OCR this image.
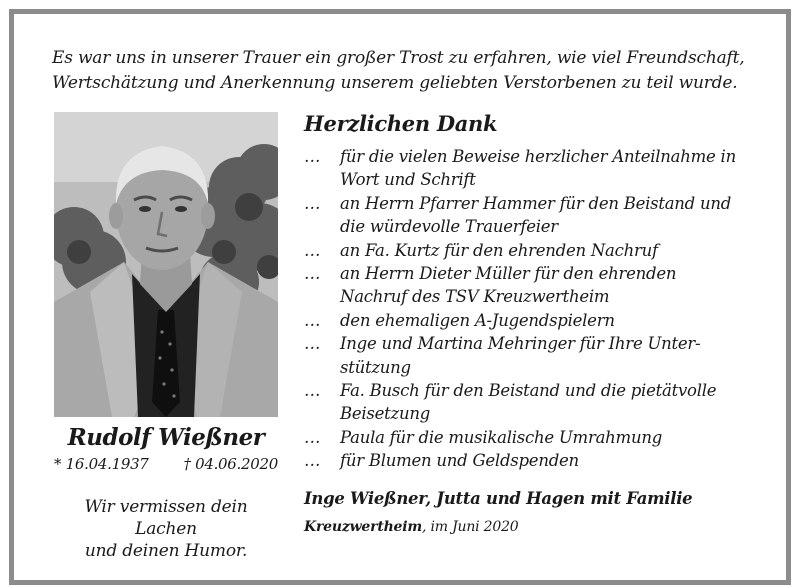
Es war uns in unserer Trauer ein großer Trost zu erfahren, wie viel Freundschaft,
Wertschätzung und Anerkennung unserem geliebten Verstorbenen zu teil wurde.
Rudolf Wießner
* 16.04.1937 † 04.06.2020
Wir vermissen dein Lachen
und deinen Humor.
Herzlichen Dank
…	für die vielen Beweise herzlicher Anteilnahme in
Wort und Schrift
…	an Herrn Pfarrer Hammer für den Beistand und
die würdevolle Trauerfeier
…	an Fa. Kurtz für den ehrenden Nachruf
…	an Herrn Dieter Müller für den ehrenden
Nachruf des TSV Kreuzwertheim
…	den ehemaligen A-Jugendspielern
…	Inge und Martina Mehringer für Ihre Unter-
stützung
…	Fa. Busch für den Beistand und die pietätvolle
Beisetzung
…	Paula für die musikalische Umrahmung
…	für Blumen und Geldspenden
Inge Wießner, Jutta und Hagen mit Familie
Kreuzwertheim, im Juni 2020
